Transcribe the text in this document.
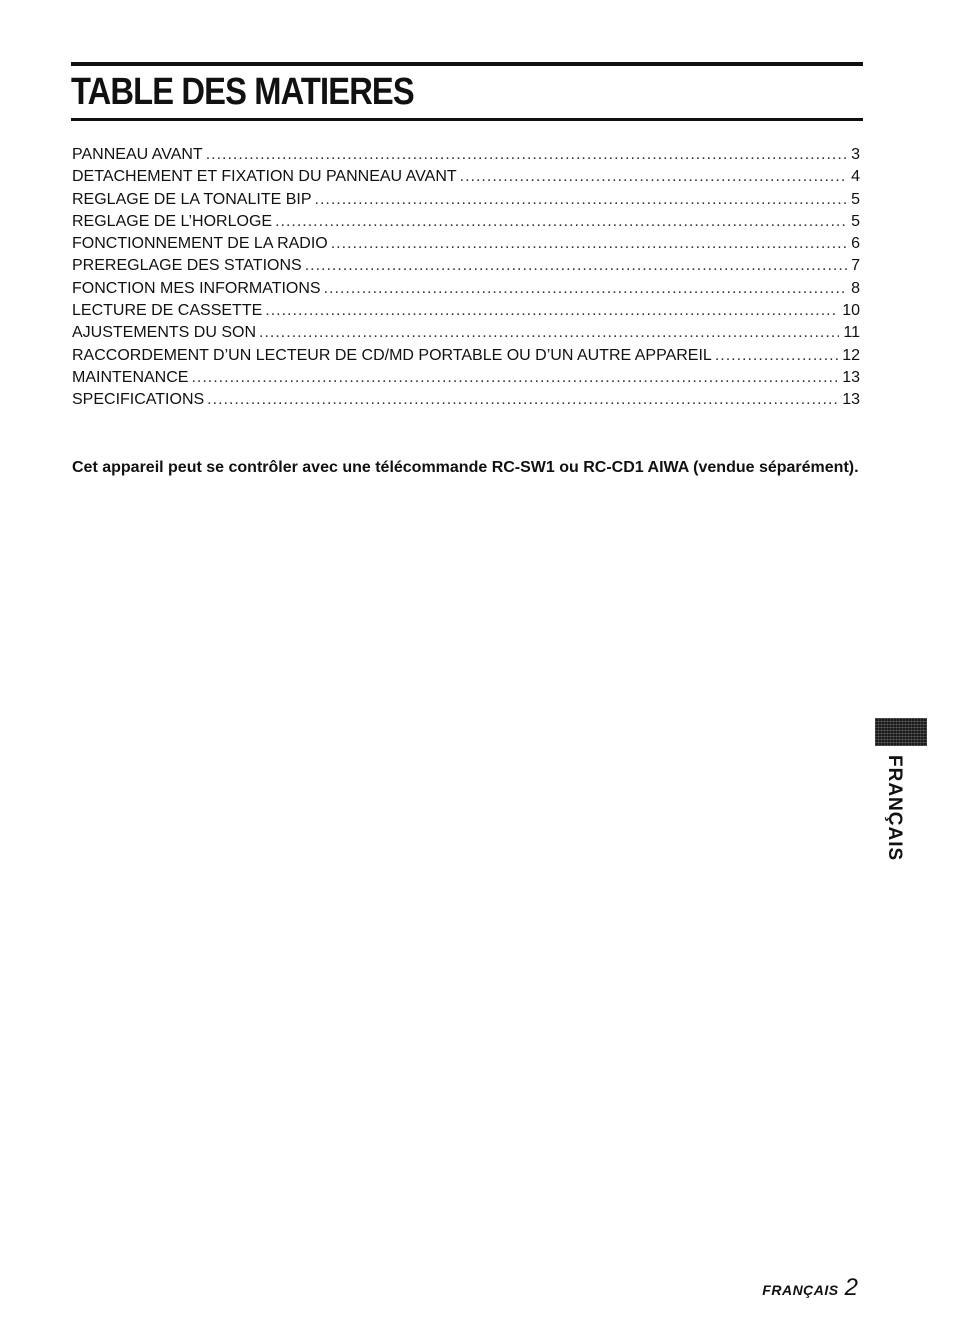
TABLE DES MATIERES
PANNEAU AVANT .....	3
DETACHEMENT ET FIXATION DU PANNEAU AVANT .....	4
REGLAGE DE LA TONALITE BIP .....	5
REGLAGE DE L’HORLOGE .....	5
FONCTIONNEMENT DE LA RADIO .....	6
PREREGLAGE DES STATIONS .....	7
FONCTION MES INFORMATIONS .....	8
LECTURE DE CASSETTE .....	10
AJUSTEMENTS DU SON .....	11
RACCORDEMENT D’UN LECTEUR DE CD/MD PORTABLE OU D’UN AUTRE APPAREIL .....	12
MAINTENANCE .....	13
SPECIFICATIONS .....	13

Cet appareil peut se contrôler avec une télécommande RC-SW1 ou RC-CD1 AIWA (vendue séparément).

FRANÇAIS
FRANÇAIS 2
